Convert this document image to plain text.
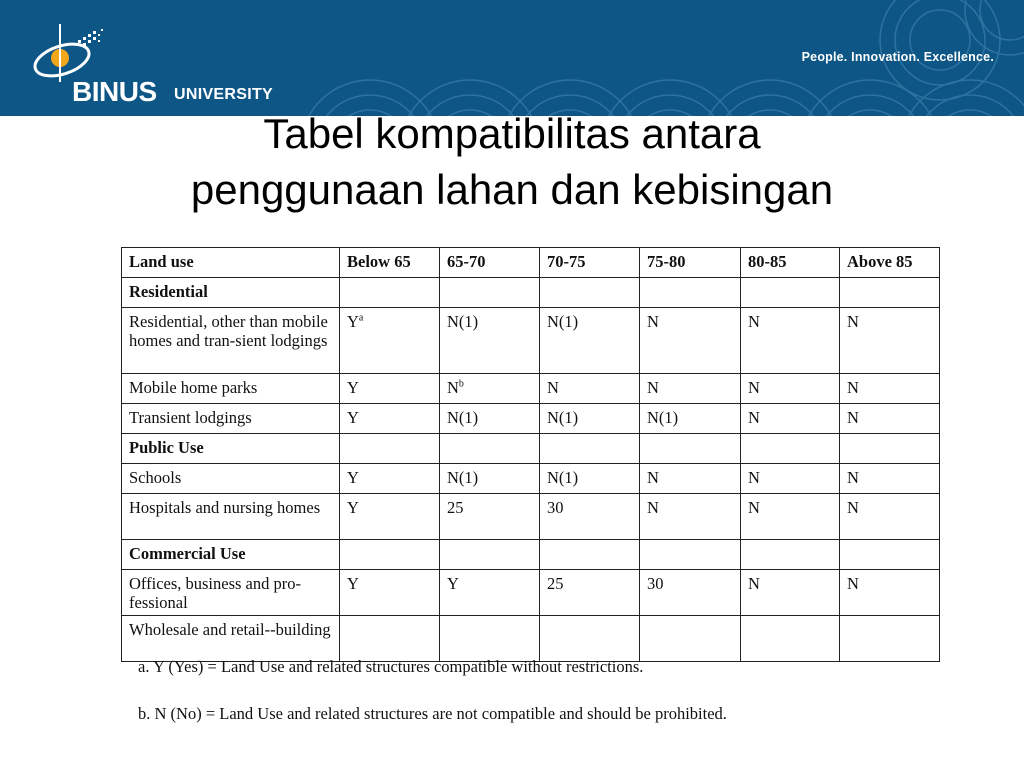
BINUS UNIVERSITY
People. Innovation. Excellence.
Tabel kompatibilitas antara
penggunaan lahan dan kebisingan
Land use	Below 65	65-70	70-75	75-80	80-85	Above 85
Residential						
Residential, other than mobile homes and tran-sient lodgings	$Y^a$	N(1)	N(1)	N	N	N
Mobile home parks	Y	$N^b$	N	N	N	N
Transient lodgings	Y	N(1)	N(1)	N(1)	N	N
Public Use						
Schools	Y	N(1)	N(1)	N	N	N
Hospitals and nursing homes	Y	25	30	N	N	N
Commercial Use						
Offices, business and pro-fessional	Y	Y	25	30	N	N
Wholesale and retail--building						
a. Y (Yes) = Land Use and related structures compatible without restrictions.
b. N (No) = Land Use and related structures are not compatible and should be prohibited.
